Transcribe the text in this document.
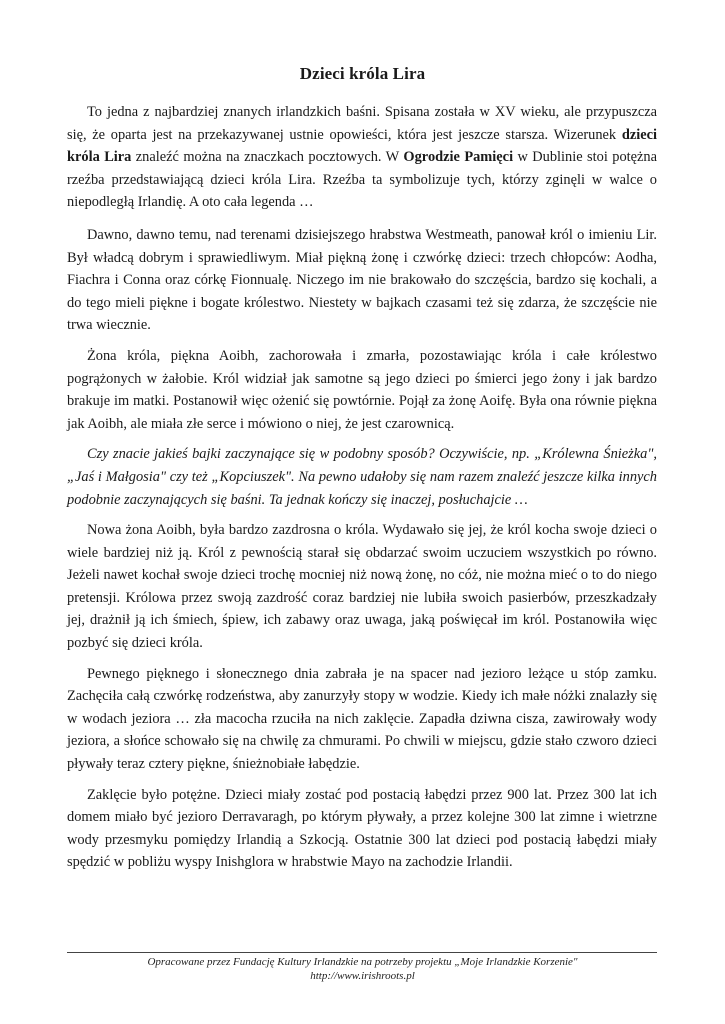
Dzieci króla Lira

To jedna z najbardziej znanych irlandzkich baśni. Spisana została w XV wieku, ale przypuszcza się, że oparta jest na przekazywanej ustnie opowieści, która jest jeszcze starsza. Wizerunek dzieci króla Lira znaleźć można na znaczkach pocztowych. W Ogrodzie Pamięci w Dublinie stoi potężna rzeźba przedstawiającą dzieci króla Lira. Rzeźba ta symbolizuje tych, którzy zginęli w walce o niepodległą Irlandię. A oto cała legenda …

Dawno, dawno temu, nad terenami dzisiejszego hrabstwa Westmeath, panował król o imieniu Lir. Był władcą dobrym i sprawiedliwym. Miał piękną żonę i czwórkę dzieci: trzech chłopców: Aodha, Fiachra i Conna oraz córkę Fionnualę. Niczego im nie brakowało do szczęścia, bardzo się kochali, a do tego mieli piękne i bogate królestwo. Niestety w bajkach czasami też się zdarza, że szczęście nie trwa wiecznie.

Żona króla, piękna Aoibh, zachorowała i zmarła, pozostawiając króla i całe królestwo pogrążonych w żałobie. Król widział jak samotne są jego dzieci po śmierci jego żony i jak bardzo brakuje im matki. Postanowił więc ożenić się powtórnie. Pojął za żonę Aoifę. Była ona równie piękna jak Aoibh, ale miała złe serce i mówiono o niej, że jest czarownicą.

Czy znacie jakieś bajki zaczynające się w podobny sposób? Oczywiście, np. „Królewna Śnieżka", „Jaś i Małgosia" czy też „Kopciuszek". Na pewno udałoby się nam razem znaleźć jeszcze kilka innych podobnie zaczynających się baśni. Ta jednak kończy się inaczej, posłuchajcie …

Nowa żona Aoibh, była bardzo zazdrosna o króla. Wydawało się jej, że król kocha swoje dzieci o wiele bardziej niż ją. Król z pewnością starał się obdarzać swoim uczuciem wszystkich po równo. Jeżeli nawet kochał swoje dzieci trochę mocniej niż nową żonę, no cóż, nie można mieć o to do niego pretensji. Królowa przez swoją zazdrość coraz bardziej nie lubiła swoich pasierbów, przeszkadzały jej, drażnił ją ich śmiech, śpiew, ich zabawy oraz uwaga, jaką poświęcał im król. Postanowiła więc pozbyć się dzieci króla.

Pewnego pięknego i słonecznego dnia zabrała je na spacer nad jezioro leżące u stóp zamku. Zachęciła całą czwórkę rodzeństwa, aby zanurzyły stopy w wodzie. Kiedy ich małe nóżki znalazły się w wodach jeziora … zła macocha rzuciła na nich zaklęcie. Zapadła dziwna cisza, zawirowały wody jeziora, a słońce schowało się na chwilę za chmurami. Po chwili w miejscu, gdzie stało czworo dzieci pływały teraz cztery piękne, śnieżnobiałe łabędzie.

Zaklęcie było potężne. Dzieci miały zostać pod postacią łabędzi przez 900 lat. Przez 300 lat ich domem miało być jezioro Derravaragh, po którym pływały, a przez kolejne 300 lat zimne i wietrzne wody przesmyku pomiędzy Irlandią a Szkocją. Ostatnie 300 lat dzieci pod postacią łabędzi miały spędzić w pobliżu wyspy Inishglora w hrabstwie Mayo na zachodzie Irlandii.

Opracowane przez Fundację Kultury Irlandzkie na potrzeby projektu „Moje Irlandzkie Korzenie"
http://www.irishroots.pl
